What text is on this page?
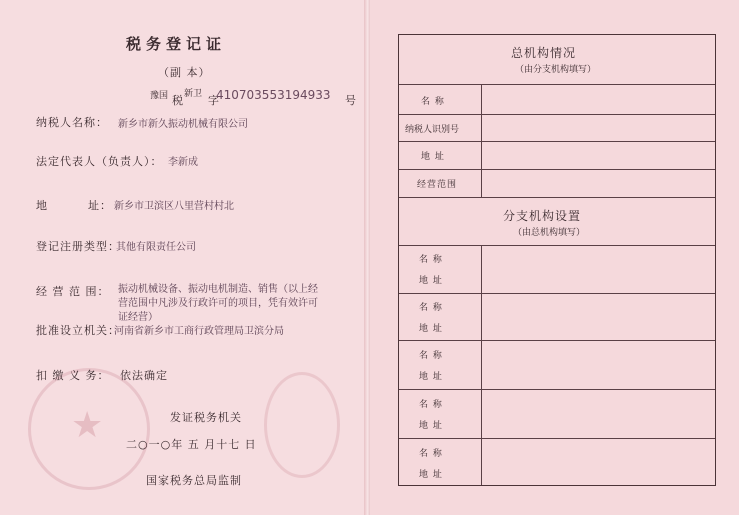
★
税务登记证
（副 本）
豫国 税 新卫 字
410703553194933 号
纳税人名称： 新乡市新久振动机械有限公司
法定代表人（负责人）： 李新成
地	址： 新乡市卫滨区八里营村村北
登记注册类型：
其他有限责任公司
经 营 范 围： 振动机械设备、振动电机制造、销售（以上经
营范围中凡涉及行政许可的项目，凭有效许可
证经营）
批准设立机关：
河南省新乡市工商行政管理局卫滨分局
扣 缴 义 务： 依法确定
发证税务机关
二○一○年 五 月十七 日
国家税务总局监制
总机构情况
（由分支机构填写）
名 称
纳税人识别号
地 址
经营范围
分支机构设置
（由总机构填写）
名 称
地 址
名 称
地 址
名 称
地 址
名 称
地 址
名 称
地 址
